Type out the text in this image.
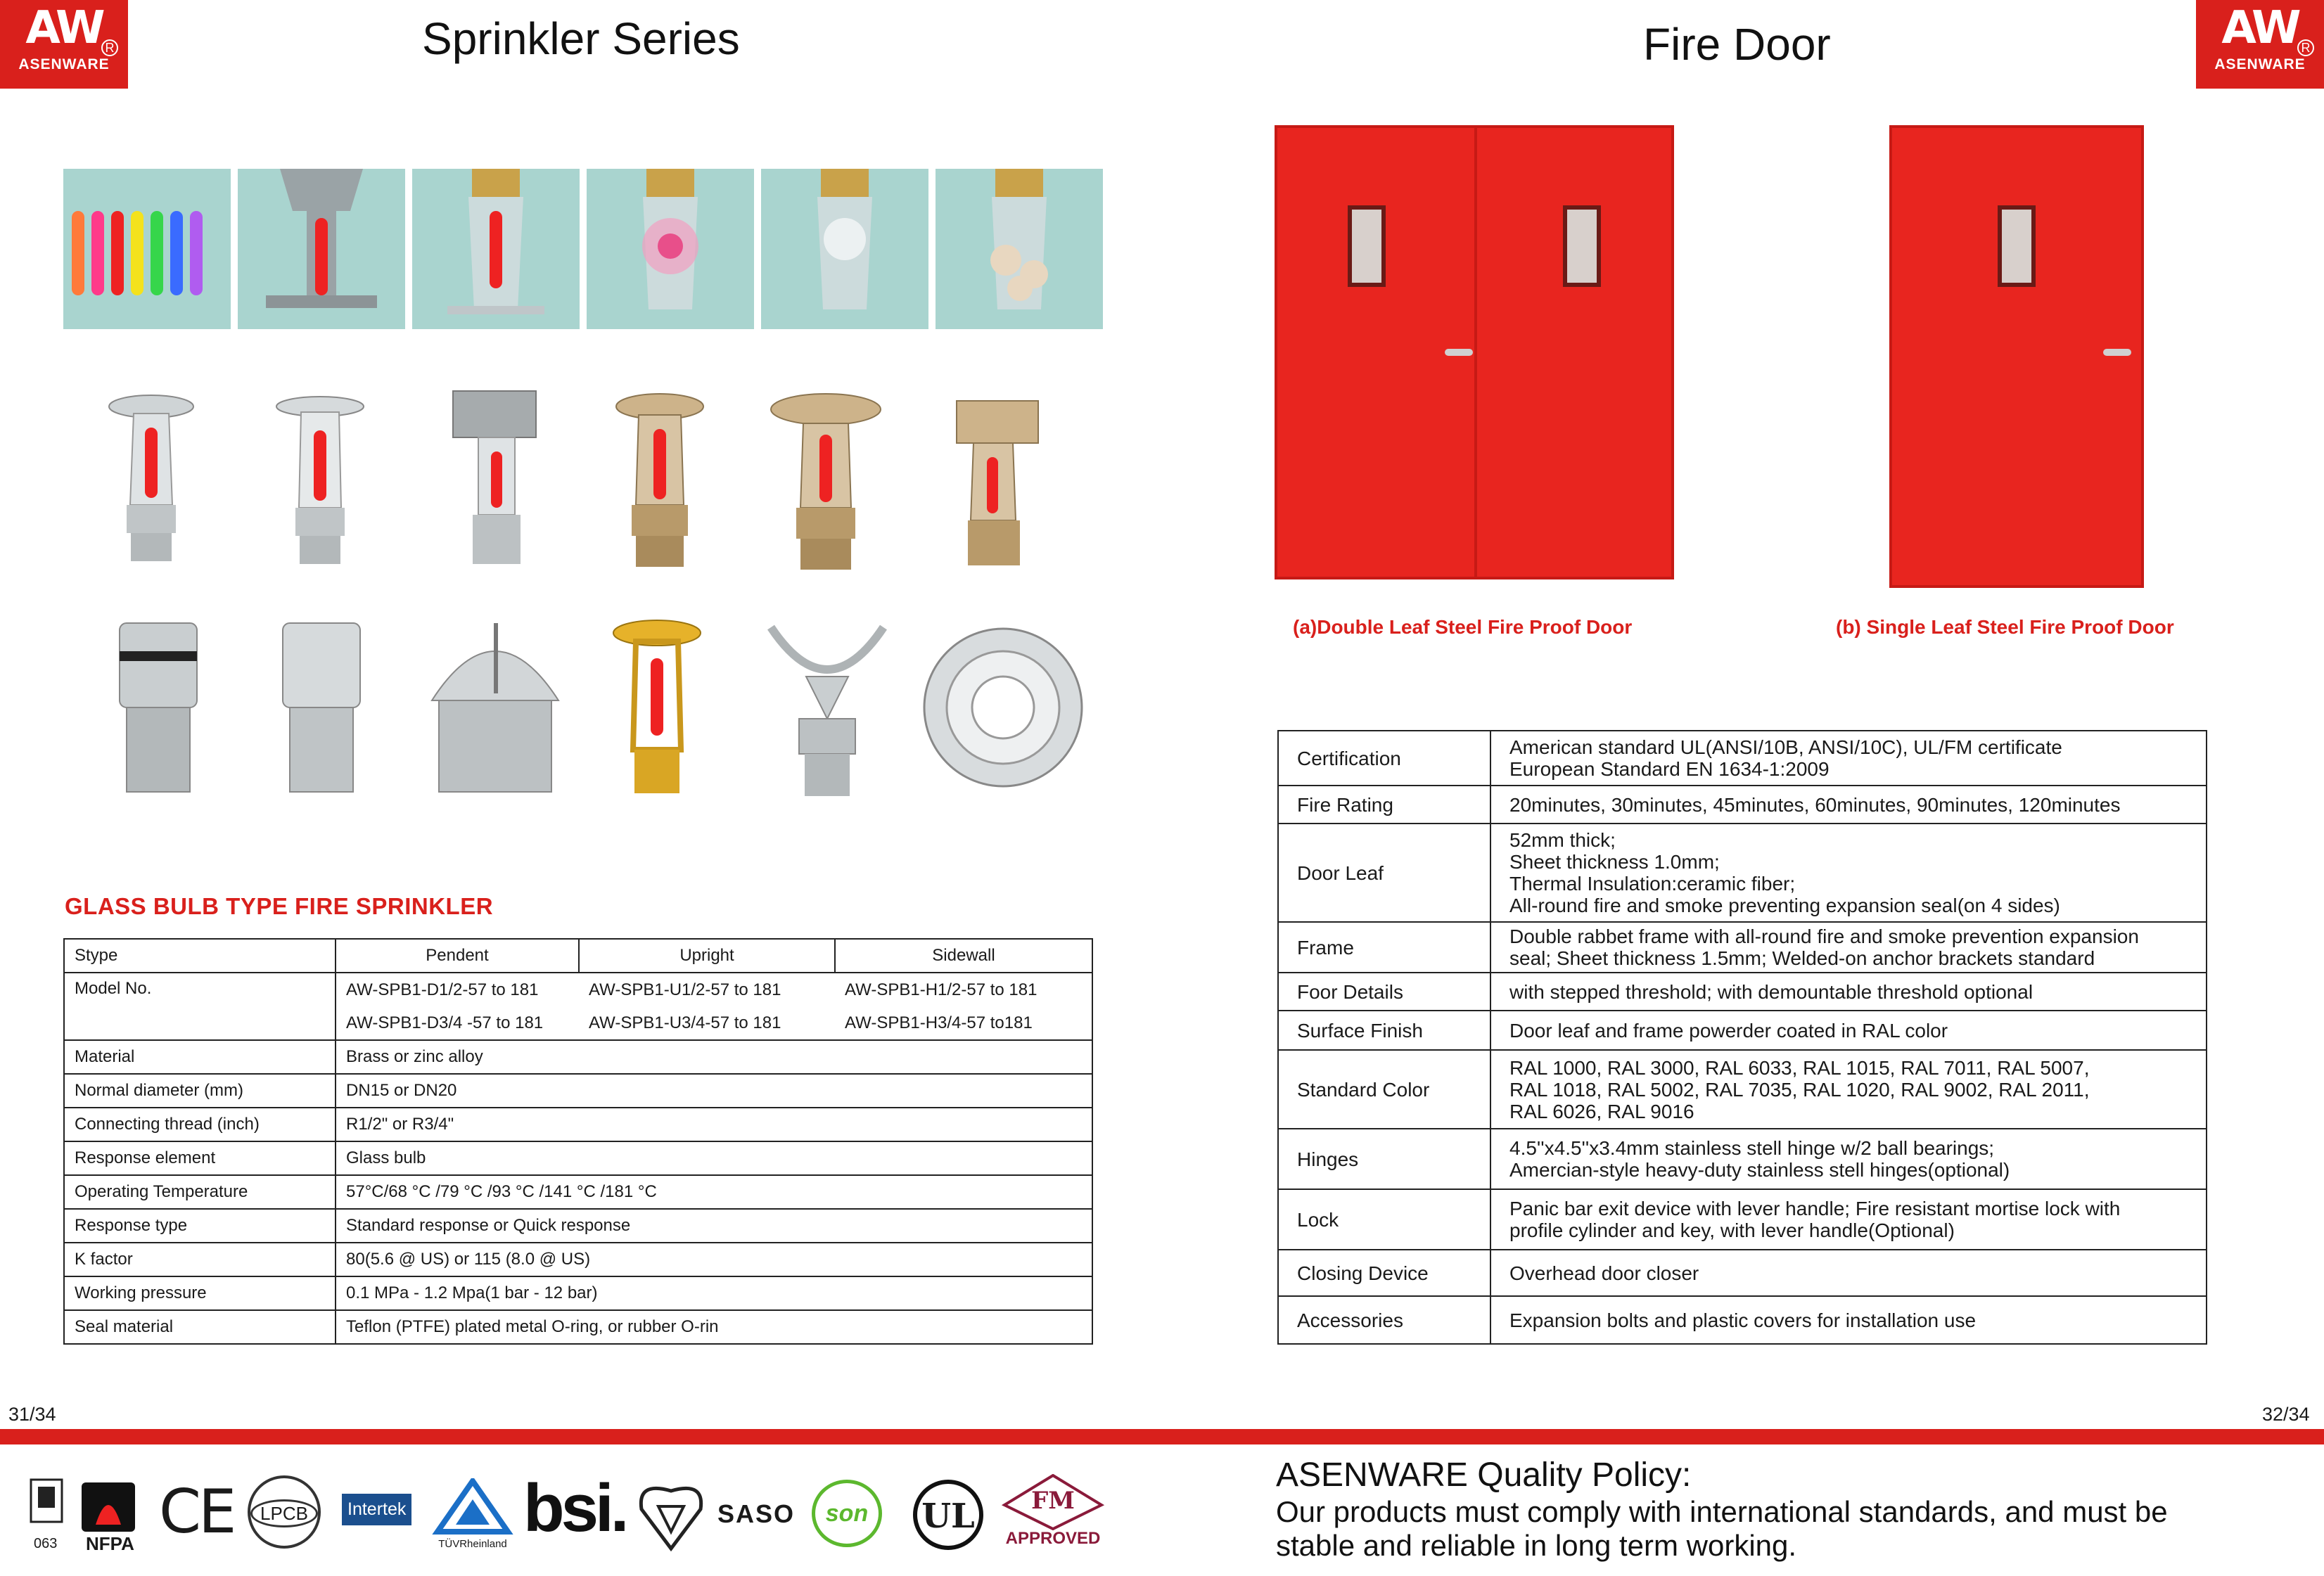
AW R
ASENWARE
AW R
ASENWARE
Sprinkler Series	Fire Door
GLASS BULB TYPE FIRE SPRINKLER
Stype	Pendent	Upright	Sidewall
Model No.	AW-SPB1-D1/2-57 to 181	AW-SPB1-U1/2-57 to 181	AW-SPB1-H1/2-57 to 181
	AW-SPB1-D3/4 -57 to 181	AW-SPB1-U3/4-57 to 181	AW-SPB1-H3/4-57 to181
Material	Brass or zinc alloy		
Normal diameter (mm)	DN15 or DN20		
Connecting thread (inch)	R1/2" or R3/4"		
Response element	Glass bulb		
Operating Temperature	57°C/68 °C /79 °C /93 °C /141 °C /181 °C		
Response type	Standard response or Quick response		
K factor	80(5.6 @ US) or 115 (8.0 @ US)		
Working pressure	0.1 MPa - 1.2 Mpa(1 bar - 12 bar)		
Seal material	Teflon (PTFE) plated metal O-ring, or rubber O-rin		
(a)Double Leaf Steel Fire Proof Door	(b) Single Leaf Steel Fire Proof Door
Certification	American standard UL(ANSI/10B, ANSI/10C), UL/FM certificate
European Standard EN 1634-1:2009

Fire Rating	20minutes, 30minutes, 45minutes, 60minutes, 90minutes, 120minutes

Door Leaf	52mm thick;
Sheet thickness 1.0mm;
Thermal Insulation:ceramic fiber;
All-round fire and smoke preventing expansion seal(on 4 sides)

Frame	Double rabbet frame with all-round fire and smoke prevention expansion
seal; Sheet thickness 1.5mm; Welded-on anchor brackets standard

Foor Details	with stepped threshold; with demountable threshold optional

Surface Finish	Door leaf and frame powerder coated in RAL color

Standard Color	RAL 1000, RAL 3000, RAL 6033, RAL 1015, RAL 7011, RAL 5007,
RAL 1018, RAL 5002, RAL 7035, RAL 1020, RAL 9002, RAL 2011,
RAL 6026, RAL 9016

Hinges	4.5''x4.5''x3.4mm stainless stell hinge w/2 ball bearings;
Amercian-style heavy-duty stainless stell hinges(optional)

Lock	Panic bar exit device with lever handle; Fire resistant mortise lock with
profile cylinder and key, with lever handle(Optional)

Closing Device	Overhead door closer

Accessories	Expansion bolts and plastic covers for installation use
31/34	32/34
063 NFPA CE	LPCB	Intertek
TÜVRheinland bsi.	SASO	son	UL	FM
APPROVED
ASENWARE Quality Policy:
Our products must comply with international standards, and must be
stable and reliable in long term working.
